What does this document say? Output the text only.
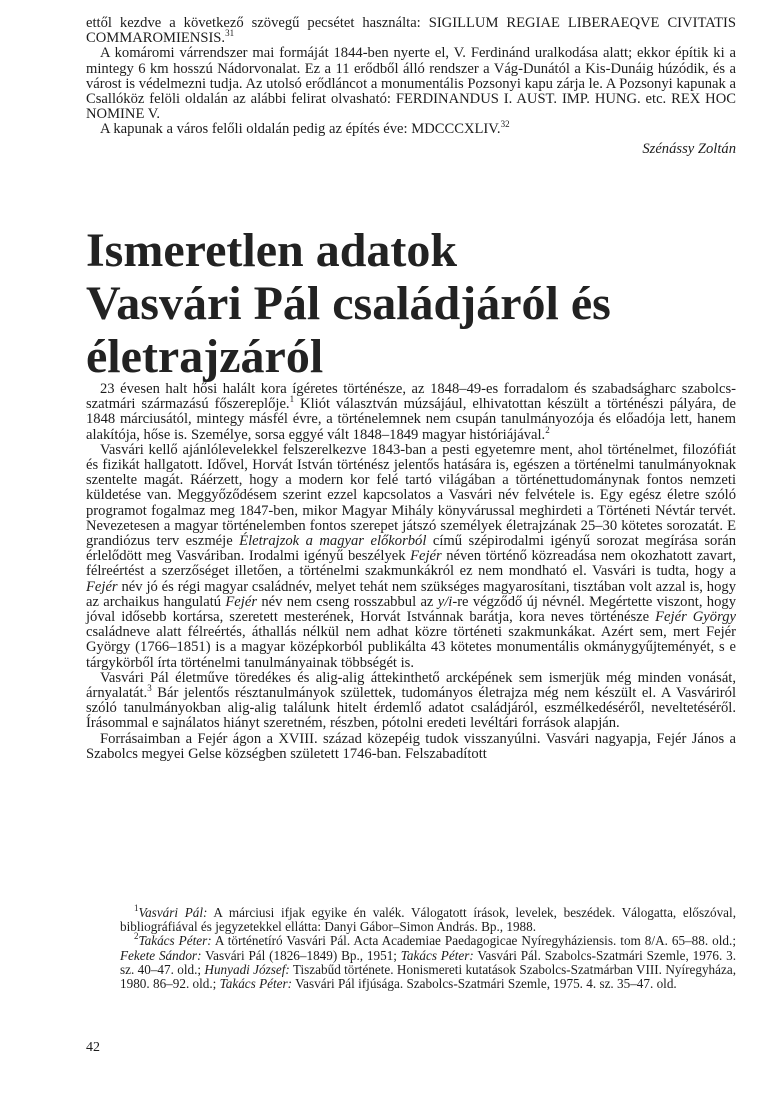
ettől kezdve a következő szövegű pecsétet használta: SIGILLUM REGIAE LIBERAEQVE CIVITATIS COMMAROMIENSIS.$^{31}$

A komáromi várrendszer mai formáját 1844-ben nyerte el, V. Ferdinánd uralkodása alatt; ekkor építik ki a mintegy 6 km hosszú Nádorvonalat. Ez a 11 erődből álló rendszer a Vág-Dunától a Kis-Dunáig húzódik, és a várost is védelmezni tudja. Az utolsó erődláncot a monumentális Pozsonyi kapu zárja le. A Pozsonyi kapunak a Csallóköz felöli oldalán az alábbi felirat olvasható: FERDINANDUS I. AUST. IMP. HUNG. etc. REX HOC NOMINE V.

A kapunak a város felőli oldalán pedig az építés éve: MDCCCXLIV.$^{32}$

Szénássy Zoltán

Ismeretlen adatok
Vasvári Pál családjáról és
életrajzáról

23 évesen halt hősi halált kora ígéretes történésze, az 1848–49-es forradalom és szabadságharc szabolcs-szatmári származású főszereplője.$^1$ Kliót választván múzsájául, elhivatottan készült a történészi pályára, de 1848 márciusától, mintegy másfél évre, a történelemnek nem csupán tanulmányozója és előadója lett, hanem alakítója, hőse is. Személye, sorsa eggyé vált 1848–1849 magyar históriájával.$^2$

Vasvári kellő ajánlólevelekkel felszerelkezve 1843-ban a pesti egyetemre ment, ahol történelmet, filozófiát és fizikát hallgatott. Idővel, Horvát István történész jelentős hatására is, egészen a történelmi tanulmányoknak szentelte magát. Ráérzett, hogy a modern kor felé tartó világában a történettudománynak fontos nemzeti küldetése van. Meggyőződésem szerint ezzel kapcsolatos a Vasvári név felvétele is. Egy egész életre szóló programot fogalmaz meg 1847-ben, mikor Magyar Mihály könyvárussal meghirdeti a Történeti Névtár tervét. Nevezetesen a magyar történelemben fontos szerepet játszó személyek életrajzának 25–30 kötetes sorozatát. E grandiózus terv eszméje Életrajzok a magyar előkorból című szépirodalmi igényű sorozat megírása során érlelődött meg Vasváriban. Irodalmi igényű beszélyek Fejér néven történő közreadása nem okozhatott zavart, félreértést a szerzőséget illetően, a történelmi szakmunkákról ez nem mondható el. Vasvári is tudta, hogy a Fejér név jó és régi magyar családnév, melyet tehát nem szükséges magyarosítani, tisztában volt azzal is, hogy az archaikus hangulatú Fejér név nem cseng rosszabbul az y/i-re végződő új névnél. Megértette viszont, hogy jóval idősebb kortársa, szeretett mesterének, Horvát Istvánnak barátja, kora neves történésze Fejér György családneve alatt félreértés, áthallás nélkül nem adhat közre történeti szakmunkákat. Azért sem, mert Fejér György (1766–1851) is a magyar középkorból publikálta 43 kötetes monumentális okmánygyűjteményét, s e tárgykörből írta történelmi tanulmányainak többségét is.

Vasvári Pál életműve töredékes és alig-alig áttekinthető arcképének sem ismerjük még minden vonását, árnyalatát.$^3$ Bár jelentős résztanulmányok születtek, tudományos életrajza még nem készült el. A Vasváriról szóló tanulmányokban alig-alig találunk hitelt érdemlő adatot családjáról, eszmélkedéséről, neveltetéséről. Írásommal e sajnálatos hiányt szeretném, részben, pótolni eredeti levéltári források alapján.

Forrásaimban a Fejér ágon a XVIII. század közepéig tudok visszanyúlni. Vasvári nagyapja, Fejér János a Szabolcs megyei Gelse községben született 1746-ban. Felszabadított

$^1$Vasvári Pál: A márciusi ifjak egyike én valék. Válogatott írások, levelek, beszédek. Válogatta, előszóval, bibliográfiával és jegyzetekkel ellátta: Danyi Gábor–Simon András. Bp., 1988.

$^2$Takács Péter: A történetíró Vasvári Pál. Acta Academiae Paedagogicae Nyíregyháziensis. tom 8/A. 65–88. old.; Fekete Sándor: Vasvári Pál (1826–1849) Bp., 1951; Takács Péter: Vasvári Pál. Szabolcs-Szatmári Szemle, 1976. 3. sz. 40–47. old.; Hunyadi József: Tiszabűd története. Honismereti kutatások Szabolcs-Szatmárban VIII. Nyíregyháza, 1980. 86–92. old.; Takács Péter: Vasvári Pál ifjúsága. Szabolcs-Szatmári Szemle, 1975. 4. sz. 35–47. old.

42
